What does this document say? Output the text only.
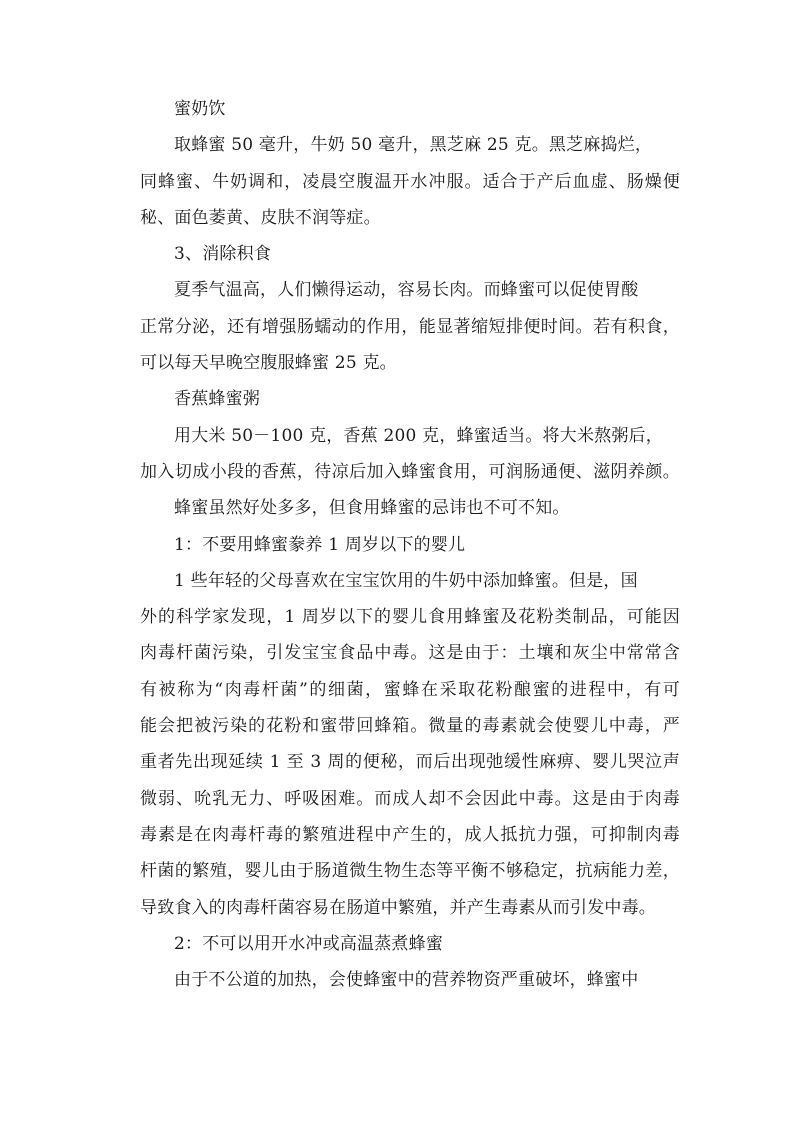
蜜奶饮
取蜂蜜 50 毫升，牛奶 50 毫升，黑芝麻 25 克。黑芝麻捣烂，
同蜂蜜、牛奶调和，凌晨空腹温开水冲服。适合于产后血虚、肠燥便
秘、面色萎黄、皮肤不润等症。
3、消除积食
夏季气温高，人们懒得运动，容易长肉。而蜂蜜可以促使胃酸
正常分泌，还有增强肠蠕动的作用，能显著缩短排便时间。若有积食，
可以每天早晚空腹服蜂蜜 25 克。
香蕉蜂蜜粥
用大米 50－100 克，香蕉 200 克，蜂蜜适当。将大米熬粥后，
加入切成小段的香蕉，待凉后加入蜂蜜食用，可润肠通便、滋阴养颜。
蜂蜜虽然好处多多，但食用蜂蜜的忌讳也不可不知。
1：不要用蜂蜜豢养 1 周岁以下的婴儿
1 些年轻的父母喜欢在宝宝饮用的牛奶中添加蜂蜜。但是，国
外的科学家发现，1 周岁以下的婴儿食用蜂蜜及花粉类制品，可能因
肉毒杆菌污染，引发宝宝食品中毒。这是由于：土壤和灰尘中常常含
有被称为“肉毒杆菌”的细菌，蜜蜂在采取花粉酿蜜的进程中，有可
能会把被污染的花粉和蜜带回蜂箱。微量的毒素就会使婴儿中毒，严
重者先出现延续 1 至 3 周的便秘，而后出现弛缓性麻痹、婴儿哭泣声
微弱、吮乳无力、呼吸困难。而成人却不会因此中毒。这是由于肉毒
毒素是在肉毒杆毒的繁殖进程中产生的，成人抵抗力强，可抑制肉毒
杆菌的繁殖，婴儿由于肠道微生物生态等平衡不够稳定，抗病能力差，
导致食入的肉毒杆菌容易在肠道中繁殖，并产生毒素从而引发中毒。
2：不可以用开水冲或高温蒸煮蜂蜜
由于不公道的加热，会使蜂蜜中的营养物资严重破坏，蜂蜜中
